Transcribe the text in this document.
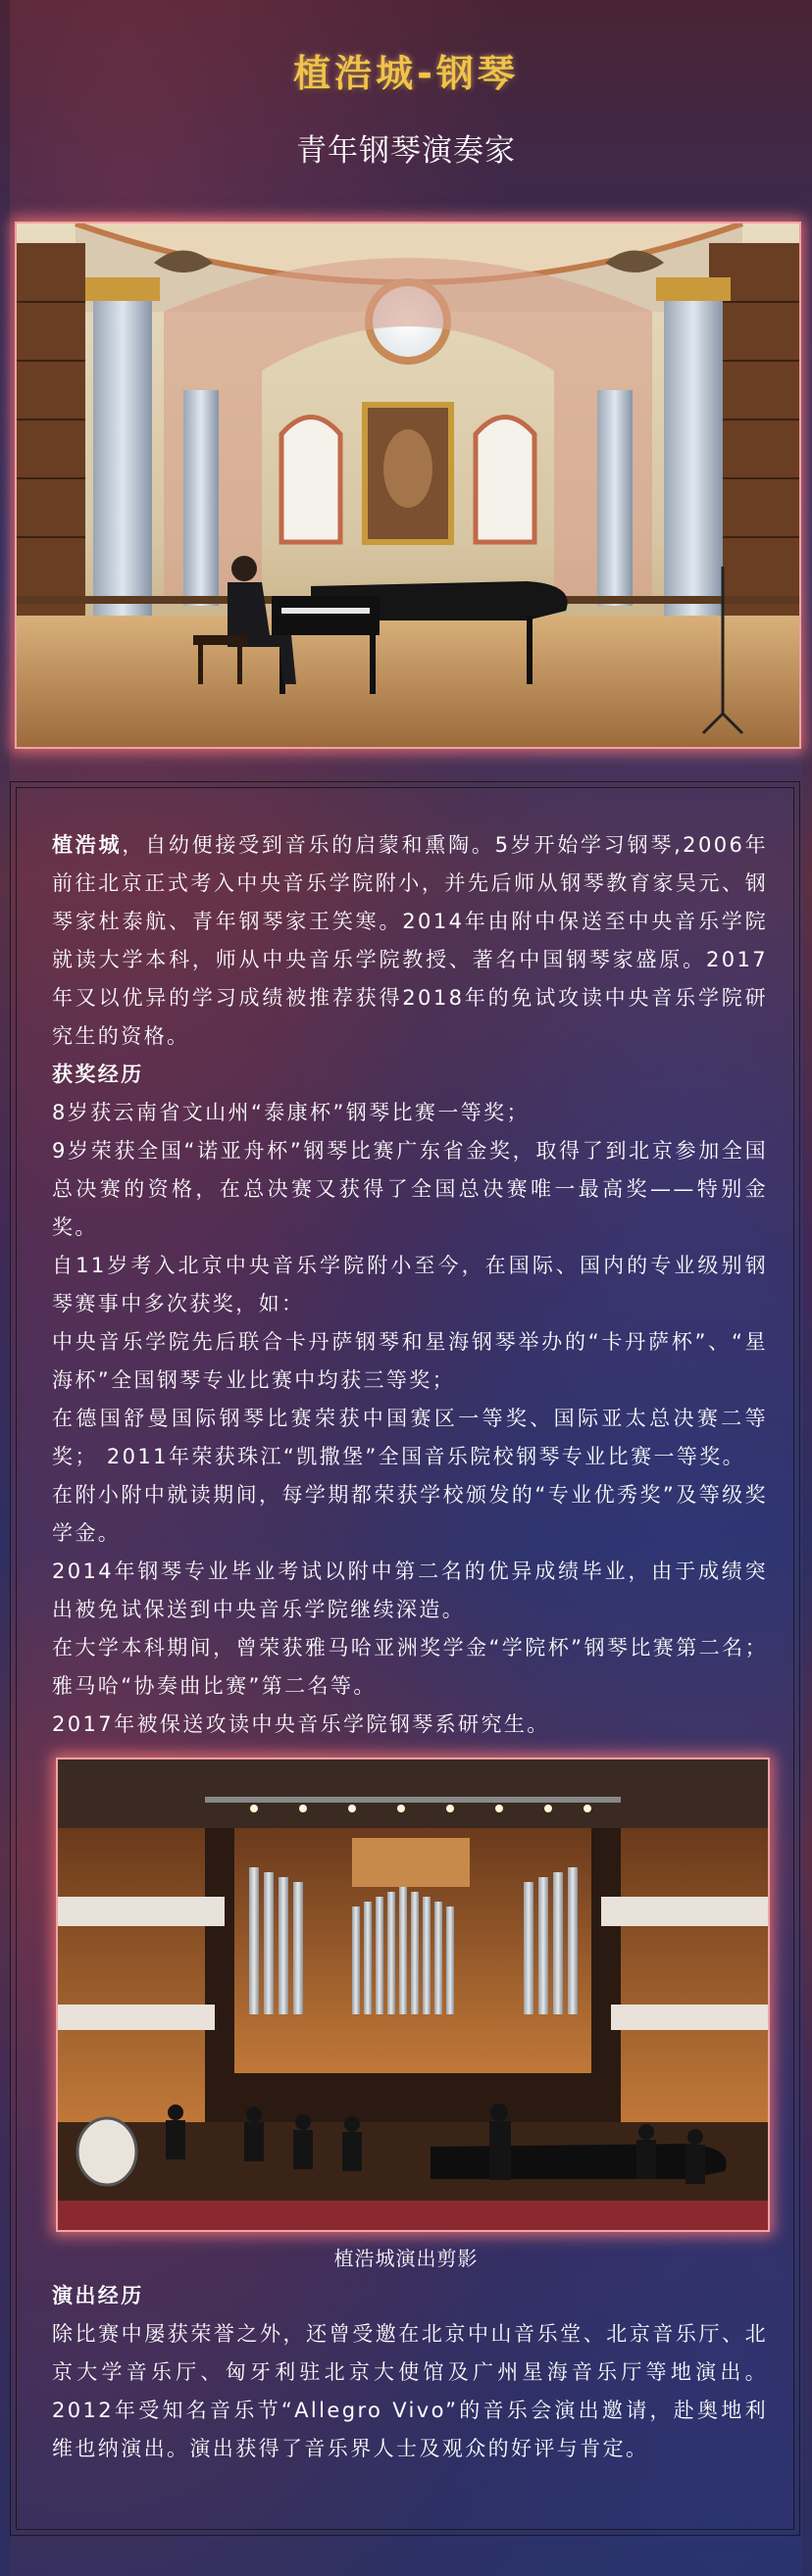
植浩城-钢琴
青年钢琴演奏家

植浩城，自幼便接受到音乐的启蒙和熏陶。5岁开始学习钢琴,2006年前往北京正式考入中央音乐学院附小，并先后师从钢琴教育家吴元、钢琴家杜泰航、青年钢琴家王笑寒。2014年由附中保送至中央音乐学院就读大学本科，师从中央音乐学院教授、著名中国钢琴家盛原。2017年又以优异的学习成绩被推荐获得2018年的免试攻读中央音乐学院研究生的资格。

获奖经历

8岁获云南省文山州“泰康杯”钢琴比赛一等奖；

9岁荣获全国“诺亚舟杯”钢琴比赛广东省金奖，取得了到北京参加全国总决赛的资格，在总决赛又获得了全国总决赛唯一最高奖——特别金奖。

自11岁考入北京中央音乐学院附小至今，在国际、国内的专业级别钢琴赛事中多次获奖，如：

中央音乐学院先后联合卡丹萨钢琴和星海钢琴举办的“卡丹萨杯”、“星海杯”全国钢琴专业比赛中均获三等奖；

在德国舒曼国际钢琴比赛荣获中国赛区一等奖、国际亚太总决赛二等奖； 2011年荣获珠江“凯撒堡”全国音乐院校钢琴专业比赛一等奖。

在附小附中就读期间，每学期都荣获学校颁发的“专业优秀奖”及等级奖学金。

2014年钢琴专业毕业考试以附中第二名的优异成绩毕业，由于成绩突出被免试保送到中央音乐学院继续深造。

在大学本科期间，曾荣获雅马哈亚洲奖学金“学院杯”钢琴比赛第二名；雅马哈“协奏曲比赛”第二名等。

2017年被保送攻读中央音乐学院钢琴系研究生。

植浩城演出剪影

演出经历

除比赛中屡获荣誉之外，还曾受邀在北京中山音乐堂、北京音乐厅、北京大学音乐厅、匈牙利驻北京大使馆及广州星海音乐厅等地演出。2012年受知名音乐节“Allegro Vivo”的音乐会演出邀请，赴奥地利维也纳演出。演出获得了音乐界人士及观众的好评与肯定。
